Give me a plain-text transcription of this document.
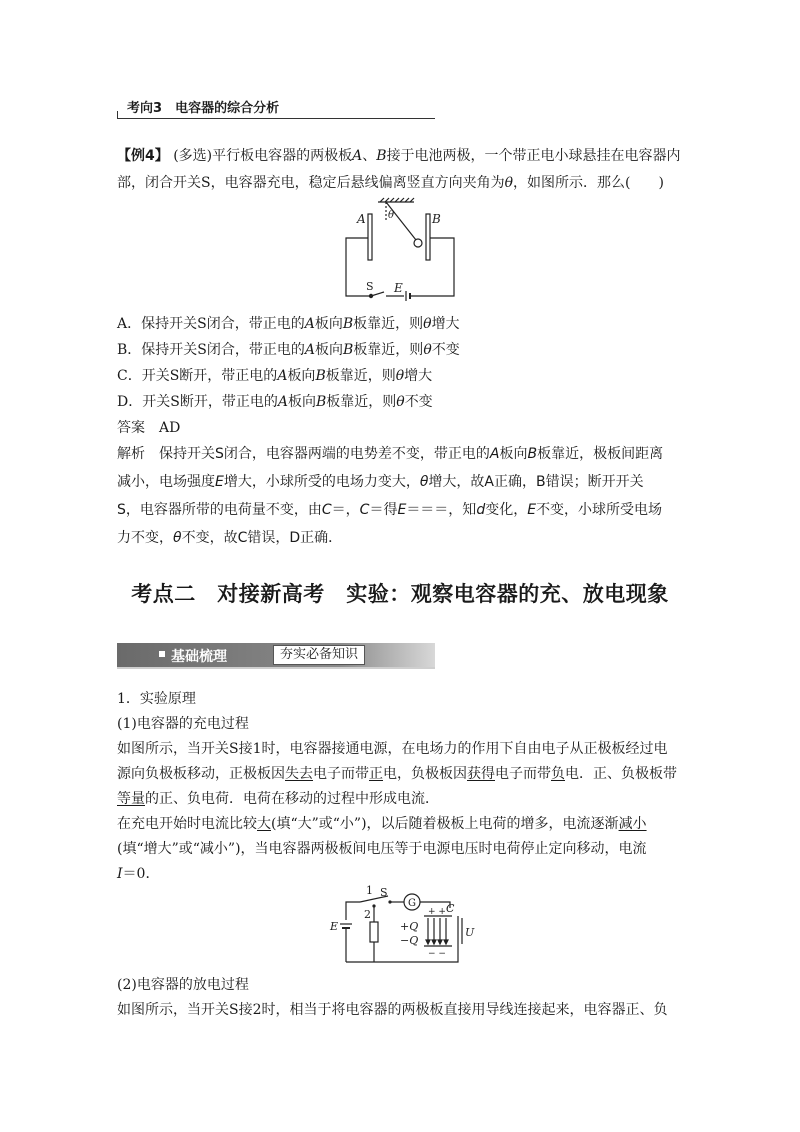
考向3　 电容器的综合分析
【例4】 (多选)平行板电容器的两极板A、B接于电池两极，一个带正电小球悬挂在电容器内
部，闭合开关S，电容器充电，稳定后悬线偏离竖直方向夹角为θ，如图所示．那么(　　)
A	B
θ
E
S
A．保持开关S闭合，带正电的A板向B板靠近，则θ增大
B．保持开关S闭合，带正电的A板向B板靠近，则θ不变
C．开关S断开，带正电的A板向B板靠近，则θ增大
D．开关S断开，带正电的A板向B板靠近，则θ不变
答案　 AD
解析　 保持开关S闭合，电容器两端的电势差不变，带正电的A板向B板靠近，极板间距离
减小，电场强度E增大，小球所受的电场力变大，θ增大，故A正确，B错误；断开开关
S，电容器所带的电荷量不变，由C＝，C＝得E＝＝＝，知d变化，E不变，小球所受电场
力不变，θ不变，故C错误，D正确．
考点二　对接新高考　实验：观察电容器的充、放电现象
基础梳理	夯实必备知识
1．实验原理
(1)电容器的充电过程
如图所示，当开关S接1时，电容器接通电源，在电场力的作用下自由电子从正极板经过电
源向负极板移动，正极板因失去电子而带正电，负极板因获得电子而带负电．正、负极板带
等量的正、负电荷．电荷在移动的过程中形成电流．
在充电开始时电流比较大(填“大”或“小”)，以后随着极板上电荷的增多，电流逐渐减小
(填“增大”或“减小”)，当电容器两极板间电压等于电源电压时电荷停止定向移动，电流
I＝0．
1 S
G	C
E
2
+Q
−Q
U
+ +
− −
(2)电容器的放电过程
如图所示，当开关S接2时，相当于将电容器的两极板直接用导线连接起来，电容器正、负
